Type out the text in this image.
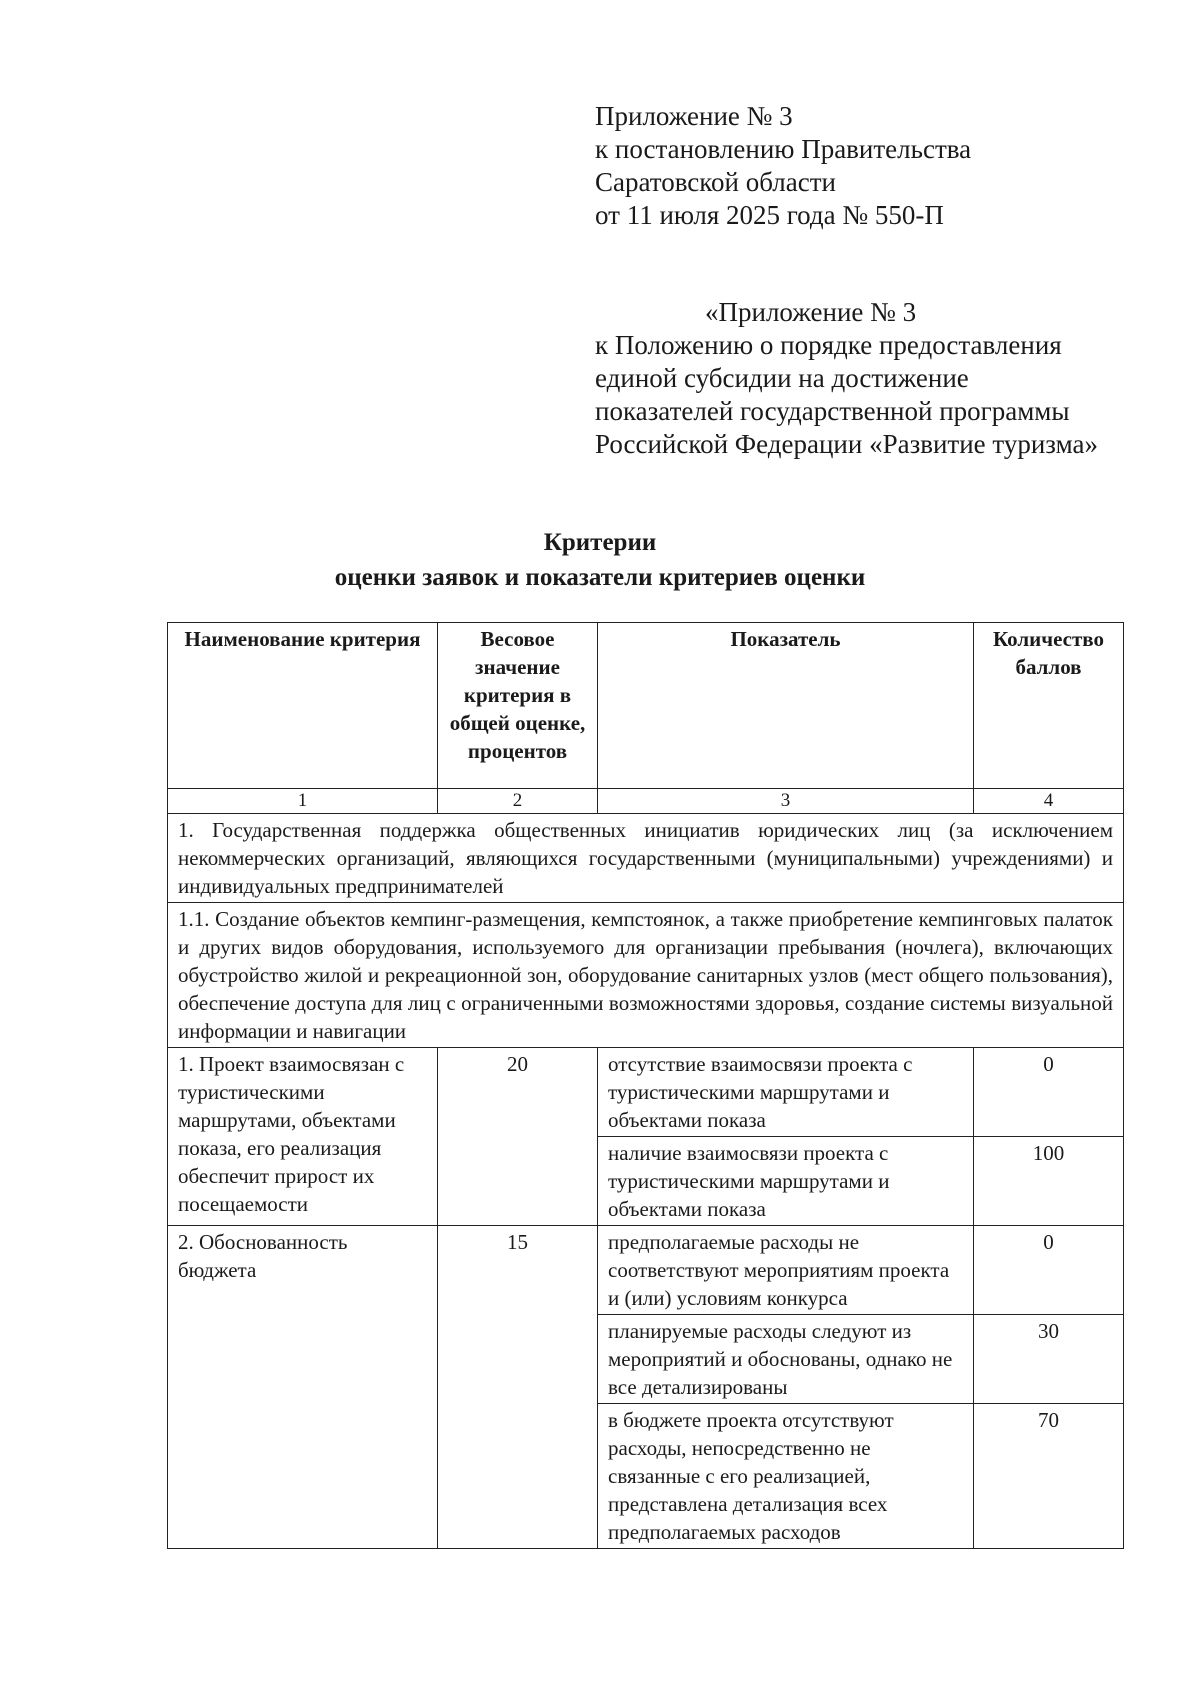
Приложение № 3
к постановлению Правительства
Саратовской области
от 11 июля 2025 года № 550-П
«Приложение № 3
к Положению о порядке предоставления
единой субсидии на достижение
показателей государственной программы
Российской Федерации «Развитие туризма»
Критерии
оценки заявок и показатели критериев оценки
Наименование критерия	Весовое значение критерия в общей оценке, процентов	Показатель	Количество баллов
1	2	3	4
1. Государственная поддержка общественных инициатив юридических лиц (за исключением некоммерческих организаций, являющихся государственными (муниципальными) учреждениями) и индивидуальных предпринимателей			
1.1. Создание объектов кемпинг-размещения, кемпстоянок, а также приобретение кемпинговых палаток и других видов оборудования, используемого для организации пребывания (ночлега), включающих обустройство жилой и рекреационной зон, оборудование санитарных узлов (мест общего пользования), обеспечение доступа для лиц с ограниченными возможностями здоровья, создание системы визуальной информации и навигации			
1. Проект взаимосвязан с туристическими маршрутами, объектами показа, его реализация обеспечит прирост их посещаемости	20	отсутствие взаимосвязи проекта с туристическими маршрутами и объектами показа	0
		наличие взаимосвязи проекта с туристическими маршрутами и объектами показа	100
2. Обоснованность бюджета	15	предполагаемые расходы не соответствуют мероприятиям проекта и (или) условиям конкурса	0
		планируемые расходы следуют из мероприятий и обоснованы, однако не все детализированы	30
		в бюджете проекта отсутствуют расходы, непосредственно не связанные с его реализацией, представлена детализация всех предполагаемых расходов	70
